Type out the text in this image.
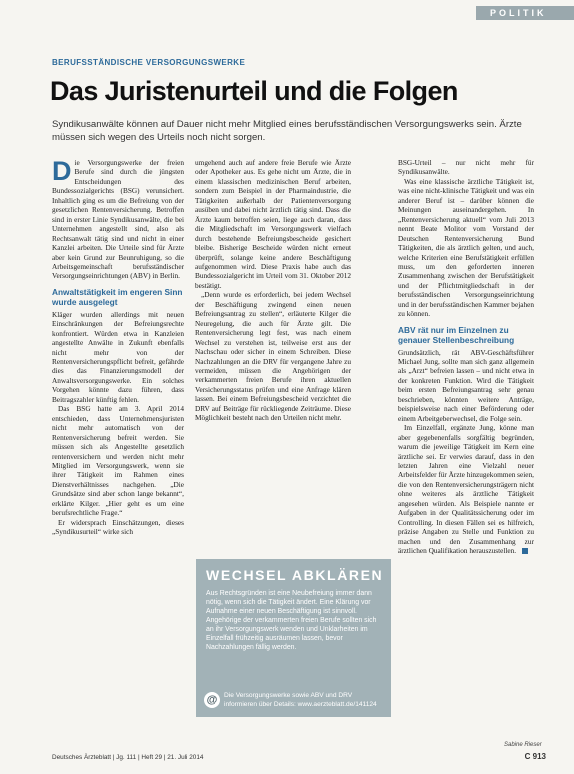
POLITIK
BERUFSSTÄNDISCHE VERSORGUNGSWERKE
Das Juristenurteil und die Folgen

Syndikusanwälte können auf Dauer nicht mehr Mitglied eines berufsständischen Versorgungswerks sein. Ärzte müssen sich wegen des Urteils noch nicht sorgen.

Die Versorgungswerke der freien Berufe sind durch die jüngsten Entscheidungen des Bundessozialgerichts (BSG) verunsichert. Inhaltlich ging es um die Befreiung von der gesetzlichen Rentenversicherung. Betroffen sind in erster Linie Syndikusanwälte, die bei Unternehmen angestellt sind, also als Rechtsanwalt tätig sind und nicht in einer Kanzlei arbeiten. Die Urteile sind für Ärzte aber kein Grund zur Beunruhigung, so die Arbeitsgemeinschaft berufsständischer Versorgungseinrichtungen (ABV) in Berlin.

Anwaltstätigkeit im engeren Sinn wurde ausgelegt

Kläger wurden allerdings mit neuen Einschränkungen der Befreiungsrechte konfrontiert. Würden etwa in Kanzleien angestellte Anwälte in Zukunft ebenfalls nicht mehr von der Rentenversicherungspflicht befreit, gefährde dies das Finanzierungsmodell der Anwaltsversorgungswerke. Ein solches Vorgehen könnte dazu führen, dass Beitragszahler künftig fehlen.

Das BSG hatte am 3. April 2014 entschieden, dass Unternehmensjuristen nicht mehr automatisch von der Rentenversicherung befreit werden. Sie müssen sich als Angestellte gesetzlich rentenversichern und werden nicht mehr Mitglied im Versorgungswerk, wenn sie ihrer Tätigkeit im Rahmen eines Dienstverhältnisses nachgehen. „Die Grundsätze sind aber schon lange bekannt“, erklärte Kilger. „Hier geht es um eine berufsrechtliche Frage.“

Er widersprach Einschätzungen, dieses „Syndikusurteil“ wirke sich

umgehend auch auf andere freie Berufe wie Ärzte oder Apotheker aus. Es gehe nicht um Ärzte, die in einem klassischen medizinischen Beruf arbeiten, sondern zum Beispiel in der Pharmaindustrie, die Tätigkeiten außerhalb der Patientenversorgung ausüben und dabei nicht ärztlich tätig sind. Dass die Ärzte kaum betroffen seien, liege auch daran, dass die Mitgliedschaft im Versorgungswerk vielfach durch bestehende Befreiungsbescheide gesichert bleibe. Bisherige Bescheide würden nicht erneut überprüft, solange keine andere Beschäftigung aufgenommen wird. Diese Praxis habe auch das Bundessozialgericht im Urteil vom 31. Oktober 2012 bestätigt.

„Denn wurde es erforderlich, bei jedem Wechsel der Beschäftigung zwingend einen neuen Befreiungsantrag zu stellen“, erläuterte Kilger die Neuregelung, die auch für Ärzte gilt. Die Rentenversicherung legt fest, was nach einem Wechsel zu verstehen ist, teilweise erst aus der Nachschau oder sicher in einem Schreiben. Diese Nachzahlungen an die DRV für vergangene Jahre zu vermeiden, müssen die Angehörigen der verkammerten freien Berufe ihren aktuellen Versicherungsstatus prüfen und eine Anfrage klären lassen. Bei einem Befreiungsbescheid verzichtet die DRV auf Beiträge für rückliegende Zeiträume. Diese Möglichkeit besteht nach den Urteilen nicht mehr.

WECHSEL ABKLÄREN

Aus Rechtsgründen ist eine Neubefreiung immer dann nötig, wenn sich die Tätigkeit ändert. Eine Klärung vor Aufnahme einer neuen Beschäftigung ist sinnvoll. Angehörige der verkammerten freien Berufe sollten sich an ihr Versorgungswerk wenden und Unklarheiten im Einzelfall frühzeitig ausräumen lassen, bevor Nachzahlungen fällig werden.

@	Die Versorgungswerke sowie ABV und DRV informieren über Details: www.aerzteblatt.de/141124

BSG-Urteil – nur nicht mehr für Syndikusanwälte.

Was eine klassische ärztliche Tätigkeit ist, was eine nicht-klinische Tätigkeit und was ein anderer Beruf ist – darüber können die Meinungen auseinandergehen. In „Rentenversicherung aktuell“ vom Juli 2013 nennt Beate Molitor vom Vorstand der Deutschen Rentenversicherung Bund Tätigkeiten, die als ärztlich gelten, und auch, welche Kriterien eine Berufstätigkeit erfüllen muss, um den geforderten inneren Zusammenhang zwischen der Berufstätigkeit und der Pflichtmitgliedschaft in der berufsständischen Versorgungseinrichtung und in der berufsständischen Kammer bejahen zu können.

ABV rät nur im Einzelnen zu genauer Stellenbeschreibung

Grundsätzlich, rät ABV-Geschäftsführer Michael Jung, sollte man sich ganz allgemein als „Arzt“ befreien lassen – und nicht etwa in der konkreten Funktion. Wird die Tätigkeit beim ersten Befreiungsantrag sehr genau beschrieben, könnten weitere Anträge, beispielsweise nach einer Beförderung oder einem Arbeitgeberwechsel, die Folge sein.

Im Einzelfall, ergänzte Jung, könne man aber gegebenenfalls sorgfältig begründen, warum die jeweilige Tätigkeit im Kern eine ärztliche sei. Er verwies darauf, dass in den letzten Jahren eine Vielzahl neuer Arbeitsfelder für Ärzte hinzugekommen seien, die von den Rentenversicherungsträgern nicht ohne weiteres als ärztliche Tätigkeit angesehen würden. Als Beispiele nannte er Aufgaben in der Qualitätssicherung oder im Controlling. In diesen Fällen sei es hilfreich, präzise Angaben zu Stelle und Funktion zu machen und den Zusammenhang zur ärztlichen Qualifikation herauszustellen.

Sabine Rieser
Deutsches Ärzteblatt | Jg. 111 | Heft 29 | 21. Juli 2014	C 913
